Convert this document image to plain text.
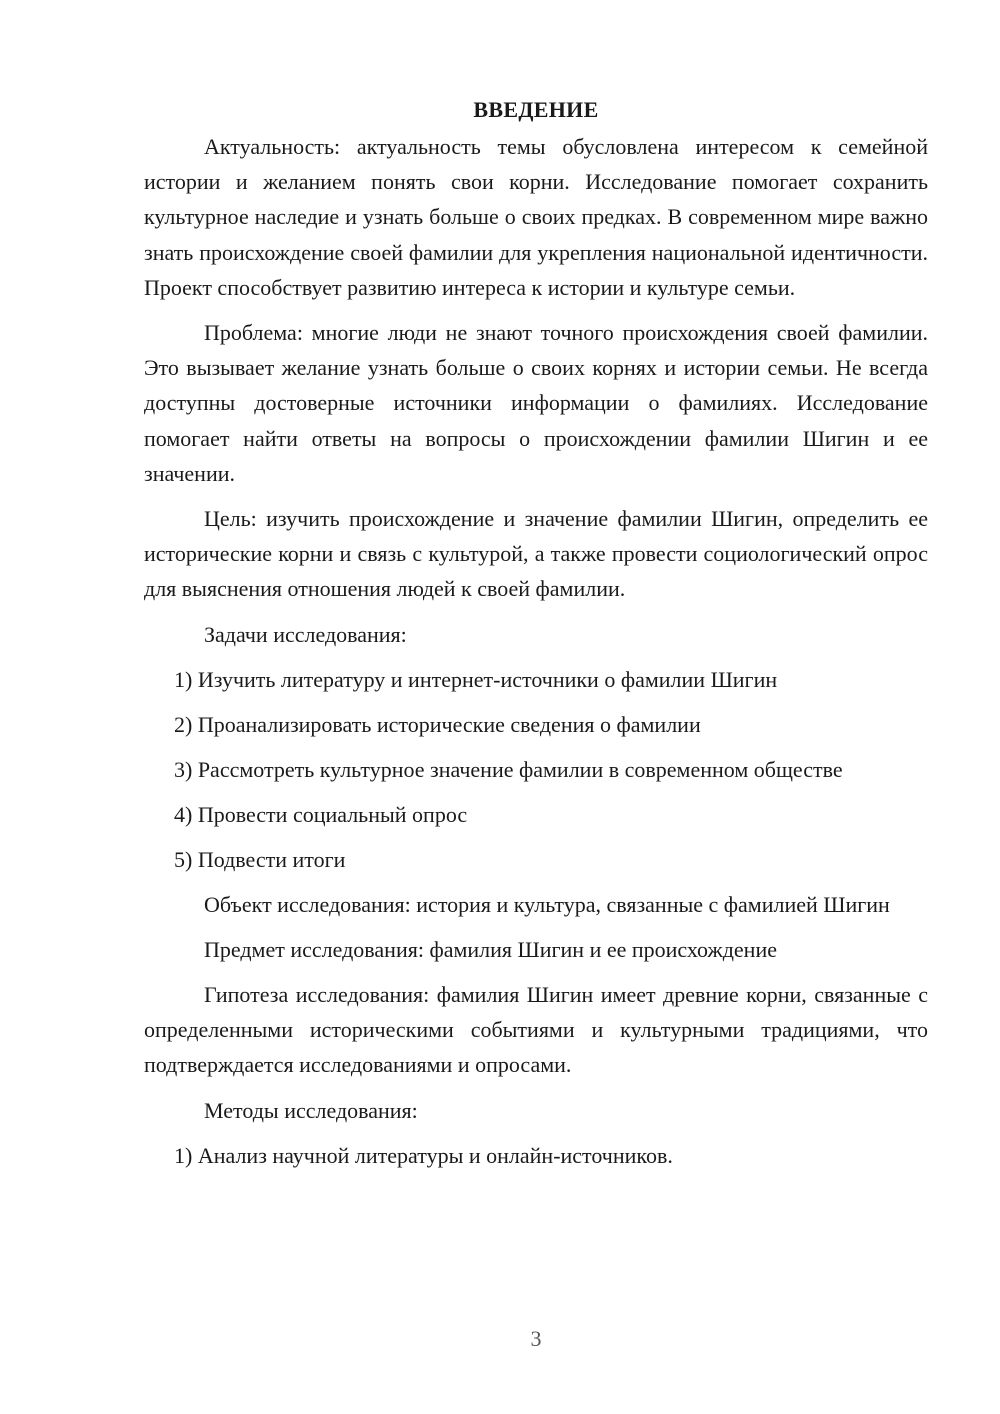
ВВЕДЕНИЕ

Актуальность: актуальность темы обусловлена интересом к семейной истории и желанием понять свои корни. Исследование помогает сохранить культурное наследие и узнать больше о своих предках. В современном мире важно знать происхождение своей фамилии для укрепления национальной идентичности. Проект способствует развитию интереса к истории и культуре семьи.

Проблема: многие люди не знают точного происхождения своей фамилии. Это вызывает желание узнать больше о своих корнях и истории семьи. Не всегда доступны достоверные источники информации о фамилиях. Исследование помогает найти ответы на вопросы о происхождении фамилии Шигин и ее значении.

Цель: изучить происхождение и значение фамилии Шигин, определить ее исторические корни и связь с культурой, а также провести социологический опрос для выяснения отношения людей к своей фамилии.

Задачи исследования:
1) Изучить литературу и интернет-источники о фамилии Шигин
2) Проанализировать исторические сведения о фамилии
3) Рассмотреть культурное значение фамилии в современном обществе
4) Провести социальный опрос
5) Подвести итоги

Объект исследования: история и культура, связанные с фамилией Шигин

Предмет исследования: фамилия Шигин и ее происхождение

Гипотеза исследования: фамилия Шигин имеет древние корни, связанные с определенными историческими событиями и культурными традициями, что подтверждается исследованиями и опросами.

Методы исследования:
1) Анализ научной литературы и онлайн-источников.
3
